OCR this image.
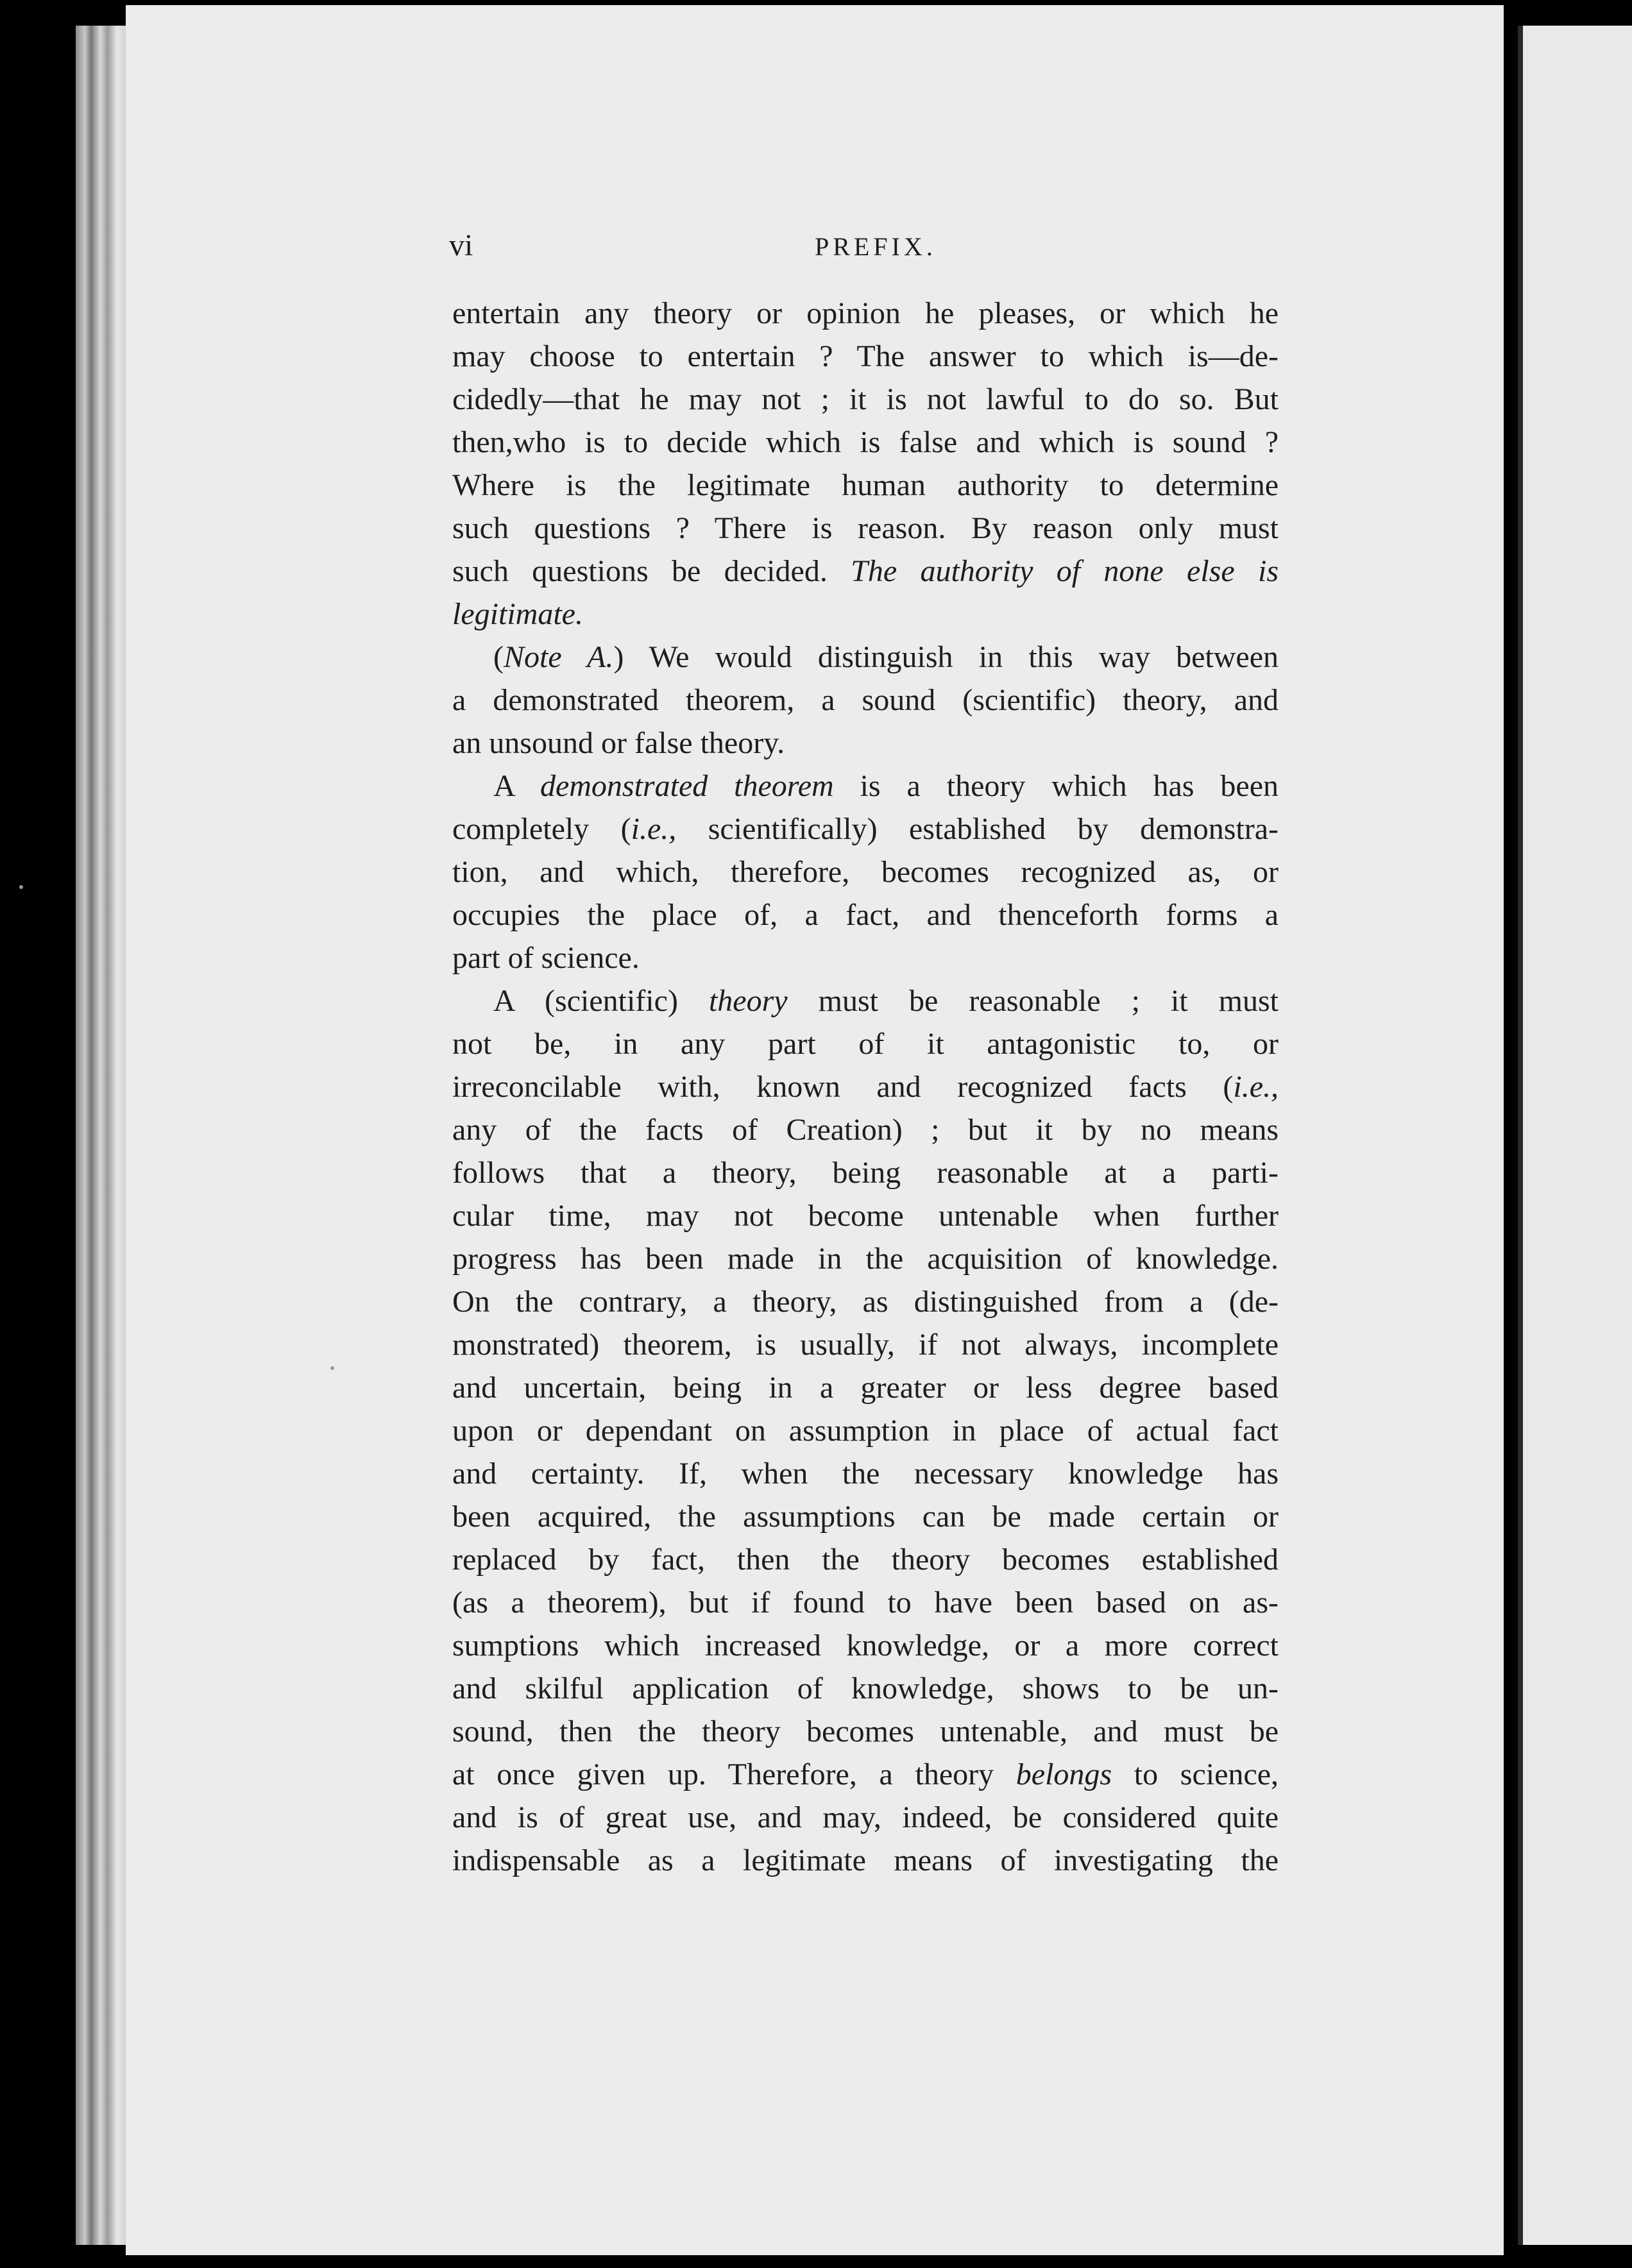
vi	PREFIX.
entertain any theory or opinion he pleases, or which he
may choose to entertain ? The answer to which is—de-
cidedly—that he may not ; it is not lawful to do so. But
then,who is to decide which is false and which is sound ?
Where is the legitimate human authority to determine
such questions ? There is reason. By reason only must
such questions be decided. The authority of none else is
legitimate.
(Note A.) We would distinguish in this way between
a demonstrated theorem, a sound (scientific) theory, and
an unsound or false theory.
A demonstrated theorem is a theory which has been
completely (i.e., scientifically) established by demonstra-
tion, and which, therefore, becomes recognized as, or
occupies the place of, a fact, and thenceforth forms a
part of science.
A (scientific) theory must be reasonable ; it must
not be, in any part of it antagonistic to, or
irreconcilable with, known and recognized facts (i.e.,
any of the facts of Creation) ; but it by no means
follows that a theory, being reasonable at a parti-
cular time, may not become untenable when further
progress has been made in the acquisition of knowledge.
On the contrary, a theory, as distinguished from a (de-
monstrated) theorem, is usually, if not always, incomplete
and uncertain, being in a greater or less degree based
upon or dependant on assumption in place of actual fact
and certainty. If, when the necessary knowledge has
been acquired, the assumptions can be made certain or
replaced by fact, then the theory becomes established
(as a theorem), but if found to have been based on as-
sumptions which increased knowledge, or a more correct
and skilful application of knowledge, shows to be un-
sound, then the theory becomes untenable, and must be
at once given up. Therefore, a theory belongs to science,
and is of great use, and may, indeed, be considered quite
indispensable as a legitimate means of investigating the
